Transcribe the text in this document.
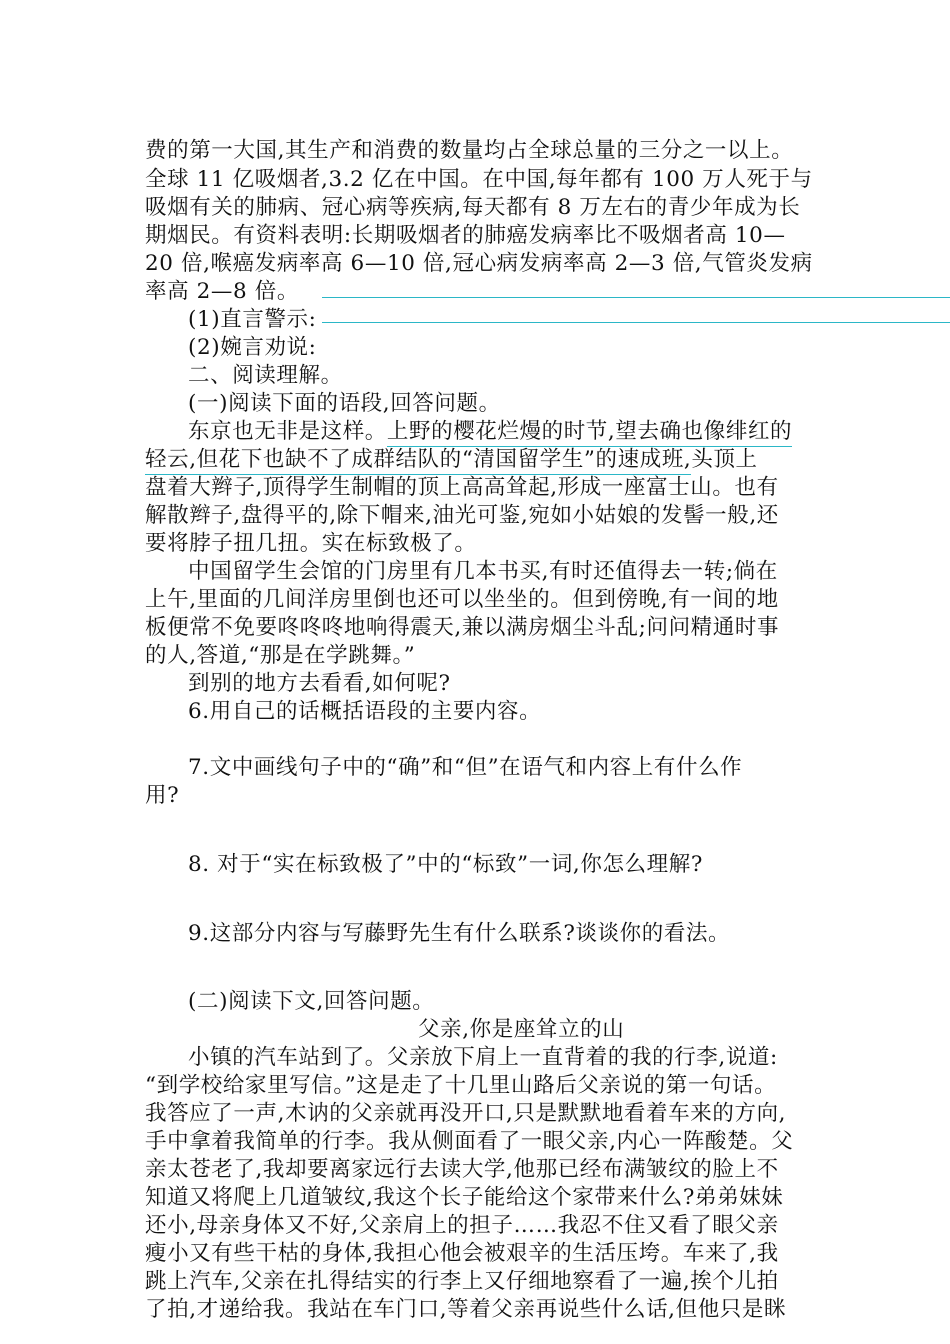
费的第一大国,其生产和消费的数量均占全球总量的三分之一以上。
全球 11 亿吸烟者,3.2 亿在中国。在中国,每年都有 100 万人死于与
吸烟有关的肺病、冠心病等疾病,每天都有 8 万左右的青少年成为长
期烟民。有资料表明:长期吸烟者的肺癌发病率比不吸烟者高 10—
20 倍,喉癌发病率高 6—10 倍,冠心病发病率高 2—3 倍,气管炎发病
率高 2—8 倍。
(1)直言警示:
(2)婉言劝说:
二、阅读理解。
(一)阅读下面的语段,回答问题。
东京也无非是这样。上野的樱花烂熳的时节,望去确也像绯红的
轻云,但花下也缺不了成群结队的“清国留学生”的速成班,头顶上
盘着大辫子,顶得学生制帽的顶上高高耸起,形成一座富士山。也有
解散辫子,盘得平的,除下帽来,油光可鉴,宛如小姑娘的发髻一般,还
要将脖子扭几扭。实在标致极了。
中国留学生会馆的门房里有几本书买,有时还值得去一转;倘在
上午,里面的几间洋房里倒也还可以坐坐的。但到傍晚,有一间的地
板便常不免要咚咚咚地响得震天,兼以满房烟尘斗乱;问问精通时事
的人,答道,“那是在学跳舞。”
到别的地方去看看,如何呢?
6.用自己的话概括语段的主要内容。
7.文中画线句子中的“确”和“但”在语气和内容上有什么作
用?
8. 对于“实在标致极了”中的“标致”一词,你怎么理解?
9.这部分内容与写藤野先生有什么联系?谈谈你的看法。
(二)阅读下文,回答问题。
父亲,你是座耸立的山
小镇的汽车站到了。父亲放下肩上一直背着的我的行李,说道:
“到学校给家里写信。”这是走了十几里山路后父亲说的第一句话。
我答应了一声,木讷的父亲就再没开口,只是默默地看着车来的方向,
手中拿着我简单的行李。我从侧面看了一眼父亲,内心一阵酸楚。父
亲太苍老了,我却要离家远行去读大学,他那已经布满皱纹的脸上不
知道又将爬上几道皱纹,我这个长子能给这个家带来什么?弟弟妹妹
还小,母亲身体又不好,父亲肩上的担子……我忍不住又看了眼父亲
瘦小又有些干枯的身体,我担心他会被艰辛的生活压垮。车来了,我
跳上汽车,父亲在扎得结实的行李上又仔细地察看了一遍,挨个儿拍
了拍,才递给我。我站在车门口,等着父亲再说些什么话,但他只是眯
